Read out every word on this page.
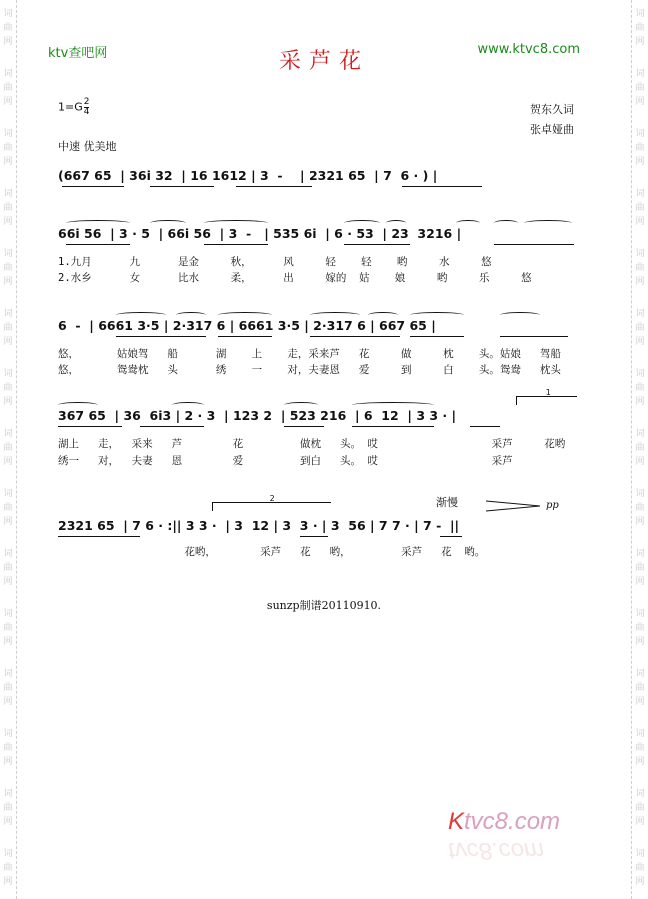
词
曲
网
词
曲
网
词
曲
网
词
曲
网
词
曲
网
词
曲
网
词
曲
网
词
曲
网
词
曲
网
词
曲
网
词
曲
网
词
曲
网
词
曲
网
词
曲
网
词
曲
网
词
曲
网
词
曲
网
词
曲
网
词
曲
网
词
曲
网
词
曲
网
词
曲
网
词
曲
网
词
曲
网
词
曲
网
词
曲
网
词
曲
网
词
曲
网
词
曲
网
词
曲
网
ktv查吧网	www.ktvc8.com
采芦花
$1=G \frac{2}{4}$	贺东久词
张卓娅曲
中速 优美地
(667 65  | 36i 32  | 16 1612 | 3  -    | 2321 65  | 7  6 · ) |
66i 56  | 3 · 5  | 66i 56  | 3  -   | 535 6i  | 6 · 53  | 23  3216 |
6  -  | 6661 3·5 | 2·317 6 | 6661 3·5 | 2·317 6 | 667 65 |
367 65  | 36  6i3 | 2 · 3  | 123 2  | 523 216  | 6  12  | 3 3 · |
2321 65  | 7 6 · :|| 3 3 ·  | 3  12 | 3  3 · | 3  56 | 7 7 · | 7 -  ||
1.九月      九      是金     秋，     风     轻    轻    哟     水     悠
2.水乡      女      比水     柔，     出     嫁的  姑    娘     哟     乐     悠
悠，      姑娘驾   船      湖    上    走，采来芦   花     做     枕    头。姑娘   驾船
悠，      鸳鸯枕   头      绣    一    对，夫妻恩   爱     到     白    头。鸳鸯   枕头
湖上   走，  采来   芦        花         做枕   头。 哎                  采芦     花哟
绣一   对，  夫妻   恩        爱         到白   头。 哎                  采芦
花哟，       采芦   花   哟，        采芦   花  哟。
1
2	渐慢	pp
sunzp制谱20110910.
Ktvc8.com
tvc8.com
